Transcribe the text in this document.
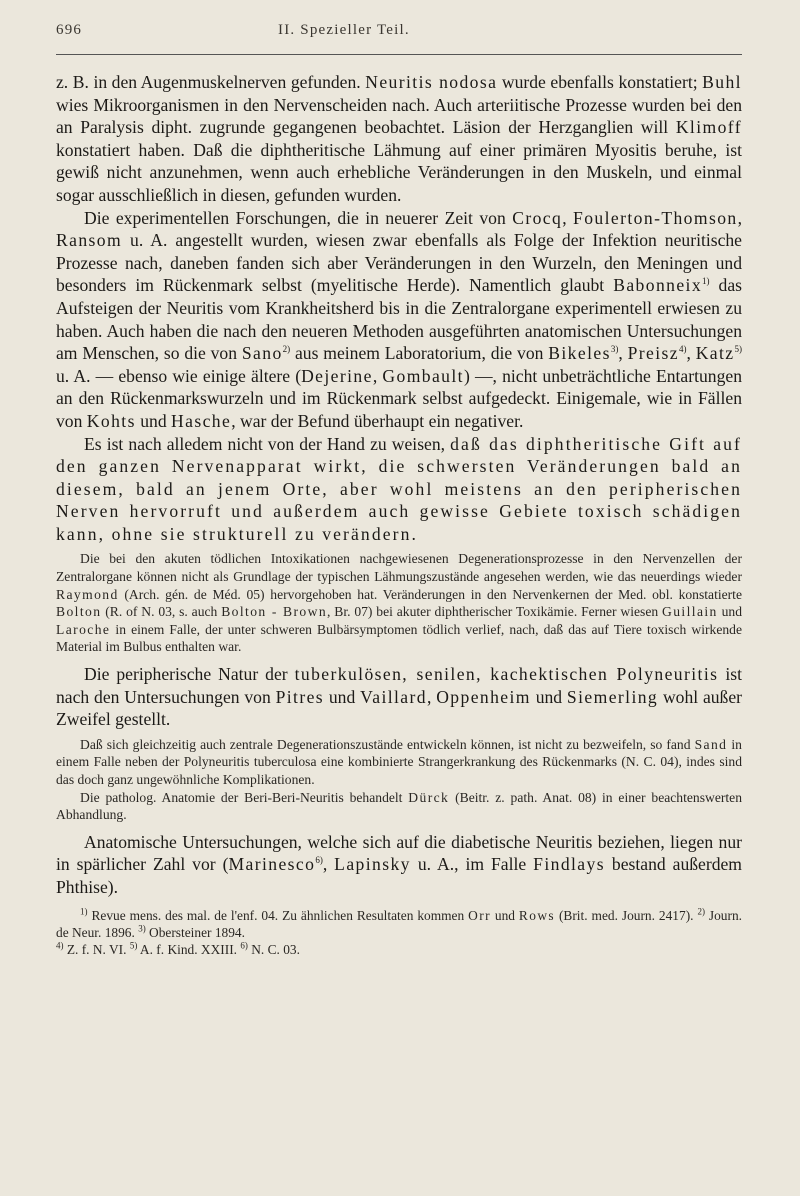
696	II. Spezieller Teil.

z. B. in den Augenmuskelnerven gefunden. Neuritis nodosa wurde ebenfalls konstatiert; Buhl wies Mikroorganismen in den Nervenscheiden nach. Auch arteriitische Prozesse wurden bei den an Paralysis dipht. zugrunde gegangenen beobachtet. Läsion der Herzganglien will Klimoff konstatiert haben. Daß die diphtheritische Lähmung auf einer primären Myositis beruhe, ist gewiß nicht anzunehmen, wenn auch erhebliche Veränderungen in den Muskeln, und einmal sogar ausschließlich in diesen, gefunden wurden.

Die experimentellen Forschungen, die in neuerer Zeit von Crocq, Foulerton-Thomson, Ransom u. A. angestellt wurden, wiesen zwar ebenfalls als Folge der Infektion neuritische Prozesse nach, daneben fanden sich aber Veränderungen in den Wurzeln, den Meningen und besonders im Rückenmark selbst (myelitische Herde). Namentlich glaubt Babonneix$^{1)}$ das Aufsteigen der Neuritis vom Krankheitsherd bis in die Zentralorgane experimentell erwiesen zu haben. Auch haben die nach den neueren Methoden ausgeführten anatomischen Untersuchungen am Menschen, so die von Sano$^{2)}$ aus meinem Laboratorium, die von Bikeles$^{3)}$, Preisz$^{4)}$, Katz$^{5)}$ u. A. — ebenso wie einige ältere (Dejerine, Gombault) —, nicht unbeträchtliche Entartungen an den Rückenmarkswurzeln und im Rückenmark selbst aufgedeckt. Einigemale, wie in Fällen von Kohts und Hasche, war der Befund überhaupt ein negativer.

Es ist nach alledem nicht von der Hand zu weisen, daß das diphtheritische Gift auf den ganzen Nervenapparat wirkt, die schwersten Veränderungen bald an diesem, bald an jenem Orte, aber wohl meistens an den peripherischen Nerven hervorruft und außerdem auch gewisse Gebiete toxisch schädigen kann, ohne sie strukturell zu verändern.

Die bei den akuten tödlichen Intoxikationen nachgewiesenen Degenerationsprozesse in den Nervenzellen der Zentralorgane können nicht als Grundlage der typischen Lähmungszustände angesehen werden, wie das neuerdings wieder Raymond (Arch. gén. de Méd. 05) hervorgehoben hat. Veränderungen in den Nervenkernen der Med. obl. konstatierte Bolton (R. of N. 03, s. auch Bolton - Brown, Br. 07) bei akuter diphtherischer Toxikämie. Ferner wiesen Guillain und Laroche in einem Falle, der unter schweren Bulbärsymptomen tödlich verlief, nach, daß das auf Tiere toxisch wirkende Material im Bulbus enthalten war.

Die peripherische Natur der tuberkulösen, senilen, kachektischen Polyneuritis ist nach den Untersuchungen von Pitres und Vaillard, Oppenheim und Siemerling wohl außer Zweifel gestellt.

Daß sich gleichzeitig auch zentrale Degenerationszustände entwickeln können, ist nicht zu bezweifeln, so fand Sand in einem Falle neben der Polyneuritis tuberculosa eine kombinierte Strangerkrankung des Rückenmarks (N. C. 04), indes sind das doch ganz ungewöhnliche Komplikationen.

Die patholog. Anatomie der Beri-Beri-Neuritis behandelt Dürck (Beitr. z. path. Anat. 08) in einer beachtenswerten Abhandlung.

Anatomische Untersuchungen, welche sich auf die diabetische Neuritis beziehen, liegen nur in spärlicher Zahl vor (Marinesco$^{6)}$, Lapinsky u. A., im Falle Findlays bestand außerdem Phthise).

$^{1)}$ Revue mens. des mal. de l'enf. 04. Zu ähnlichen Resultaten kommen Orr und Rows (Brit. med. Journ. 2417). $^{2)}$ Journ. de Neur. 1896. $^{3)}$ Obersteiner 1894.

$^{4)}$ Z. f. N. VI. $^{5)}$ A. f. Kind. XXIII. $^{6)}$ N. C. 03.
